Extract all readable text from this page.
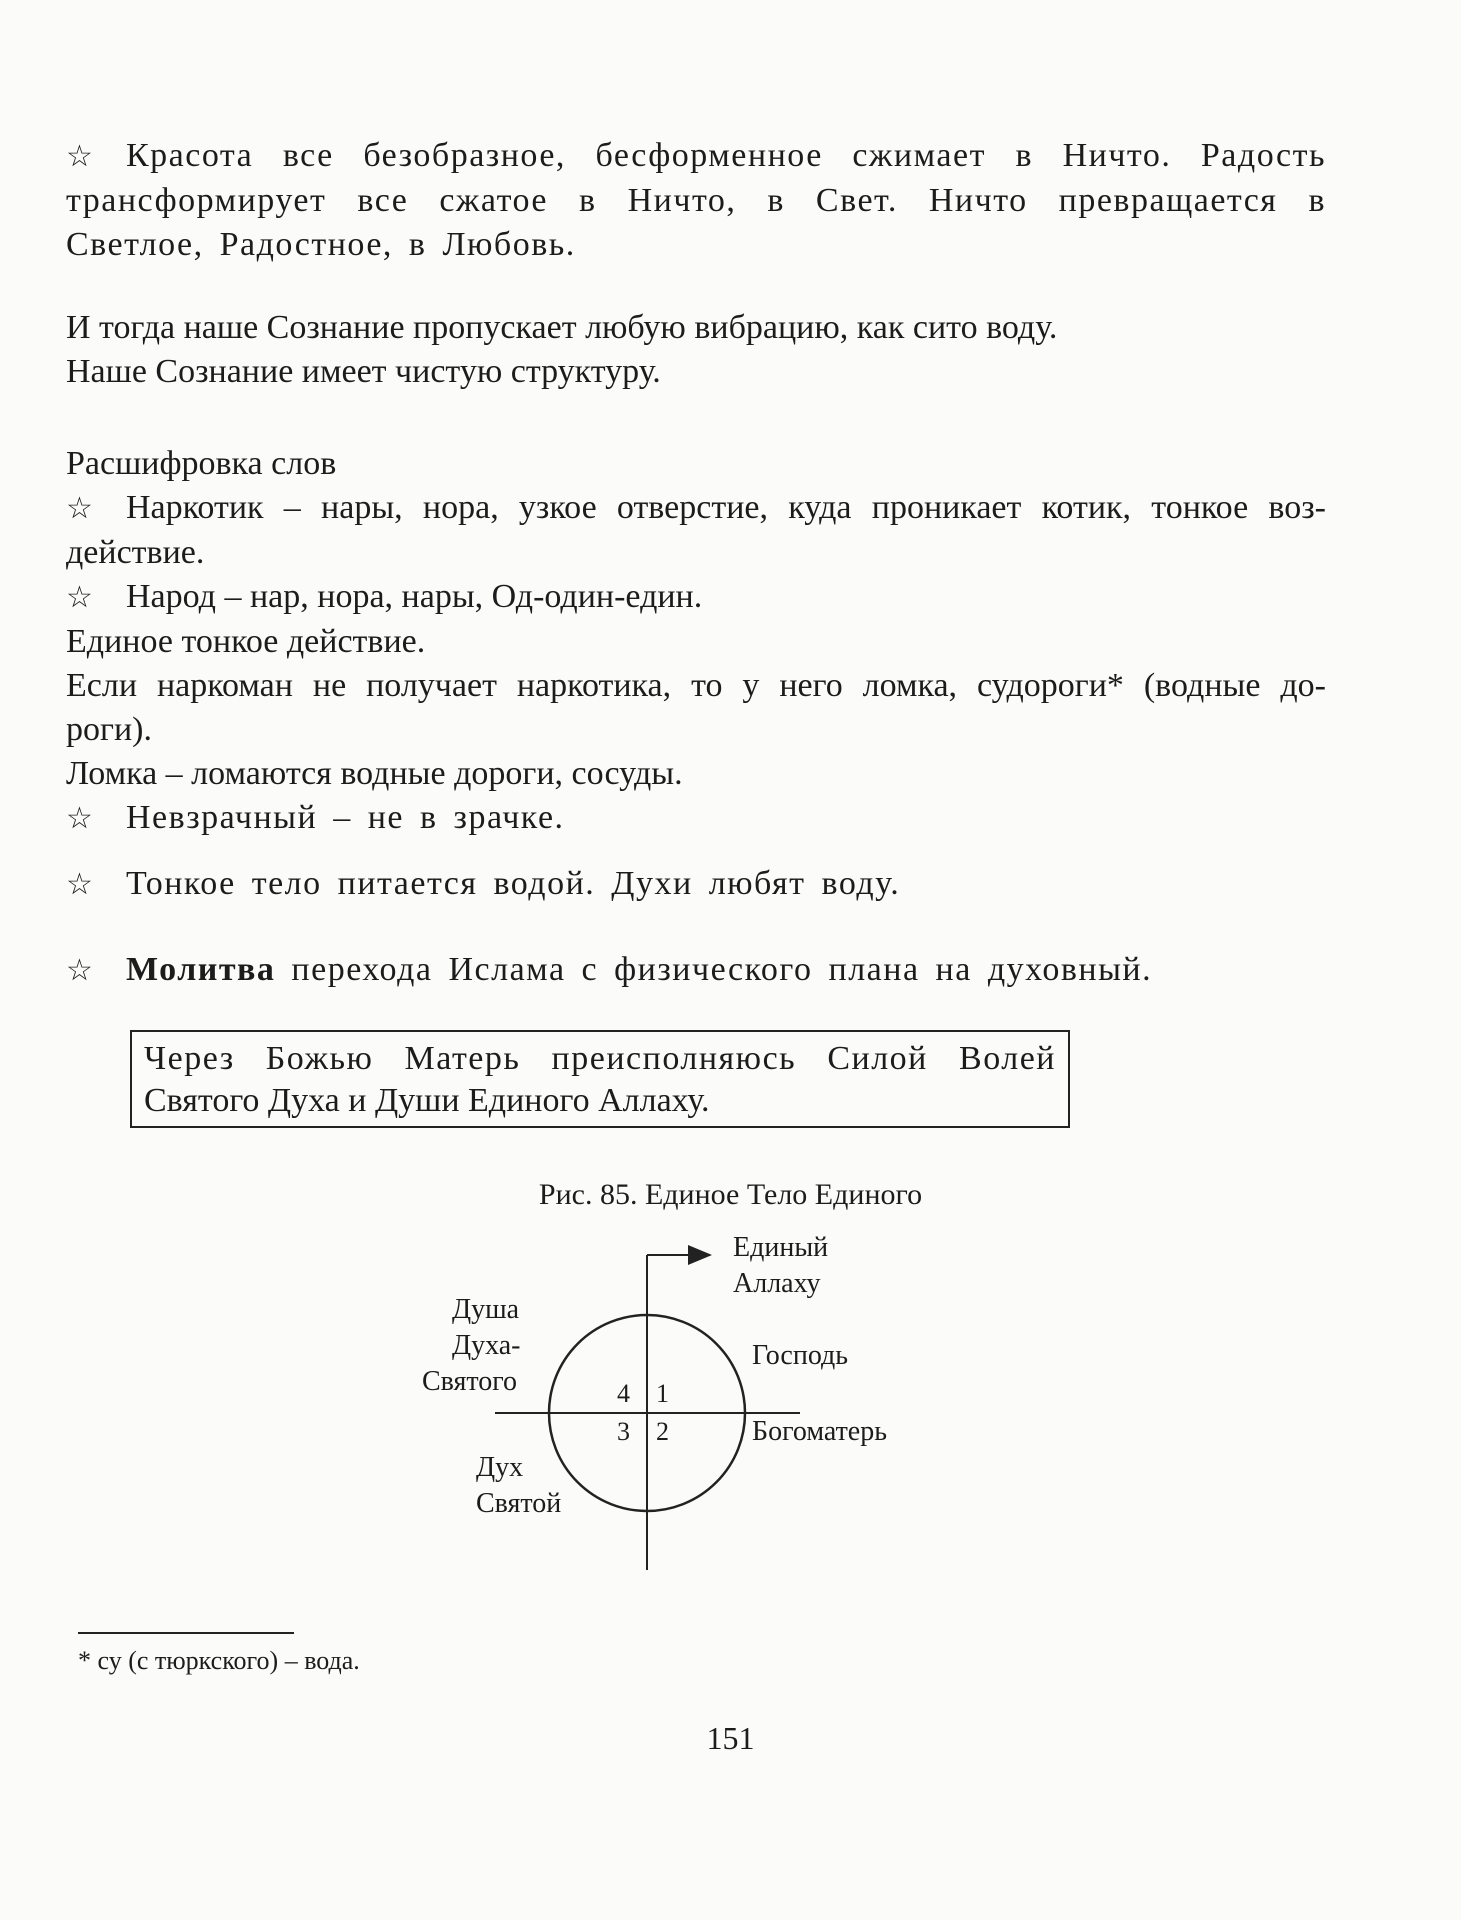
☆ Красота все безобразное, бесформенное сжимает в Ничто. Радость
трансформирует все сжатое в Ничто, в Свет. Ничто превращается в
Светлое, Радостное, в Любовь.
И тогда наше Сознание пропускает любую вибрацию, как сито воду.
Наше Сознание имеет чистую структуру.
Расшифровка слов
☆ Наркотик – нары, нора, узкое отверстие, куда проникает котик, тонкое воз-
действие.
☆ Народ – нар, нора, нары, Од-один-един.
Единое тонкое действие.
Если наркоман не получает наркотика, то у него ломка, судороги* (водные до-
роги).
Ломка – ломаются водные дороги, сосуды.
☆ Невзрачный – не в зрачке.
☆ Тонкое тело питается водой. Духи любят воду.
☆ Молитва перехода Ислама с физического плана на духовный.
Через Божью Матерь преисполняюсь Силой Волей
Святого Духа и Души Единого Аллаху.
Рис. 85. Единое Тело Единого
Единый
Аллаху
Душа
Духа-
Святого
Господь
Богоматерь
Дух
Святой
4 1
3 2
* су (с тюркского) – вода.
151
